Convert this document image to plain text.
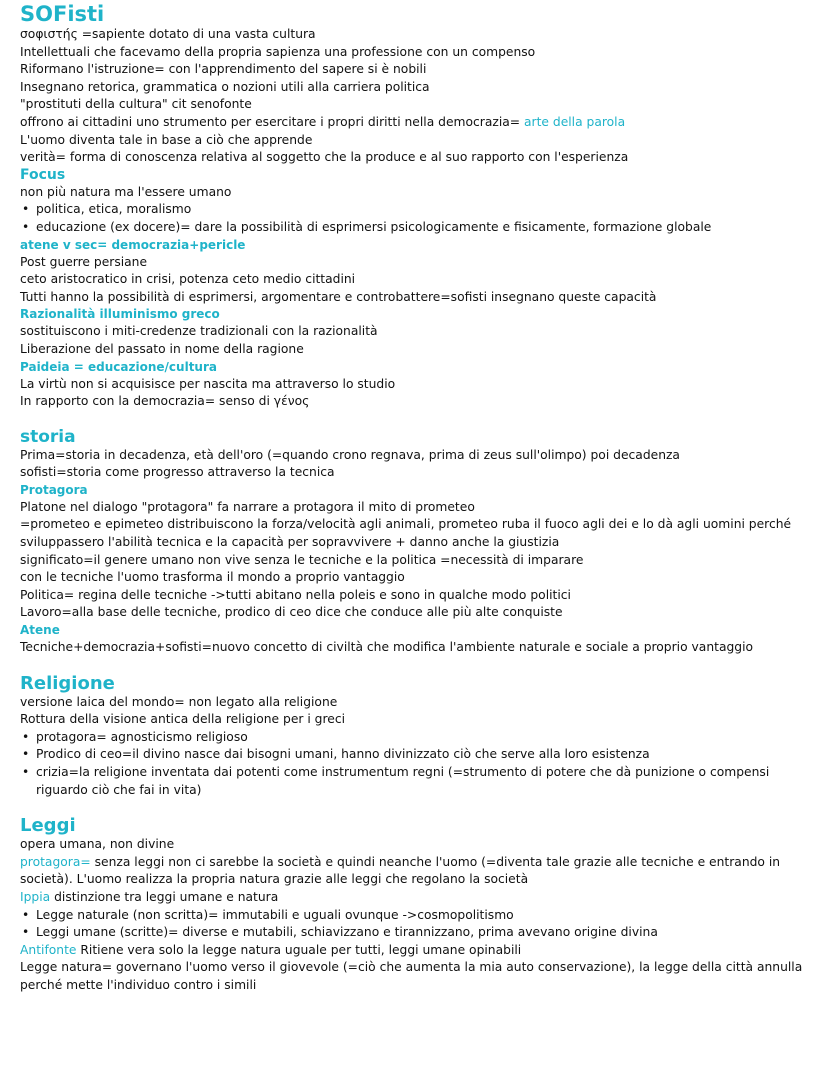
SOFisti
σοφιστής =sapiente dotato di una vasta cultura
Intellettuali che facevamo della propria sapienza una professione con un compenso
Riformano l'istruzione= con l'apprendimento del sapere si è nobili
Insegnano retorica, grammatica o nozioni utili alla carriera politica
"prostituti della cultura" cit senofonte
offrono ai cittadini uno strumento per esercitare i propri diritti nella democrazia= arte della parola
L'uomo diventa tale in base a ciò che apprende
verità= forma di conoscenza relativa al soggetto che la produce e al suo rapporto con l'esperienza
Focus
non più natura ma l'essere umano
• politica, etica, moralismo
• educazione (ex docere)= dare la possibilità di esprimersi psicologicamente e fisicamente, formazione globale
atene v sec= democrazia+pericle
Post guerre persiane
ceto aristocratico in crisi, potenza ceto medio cittadini
Tutti hanno la possibilità di esprimersi, argomentare e controbattere=sofisti insegnano queste capacità
Razionalità illuminismo greco
sostituiscono i miti-credenze tradizionali con la razionalità
Liberazione del passato in nome della ragione
Paideia = educazione/cultura
La virtù non si acquisisce per nascita ma attraverso lo studio
In rapporto con la democrazia= senso di γένος
storia
Prima=storia in decadenza, età dell'oro (=quando crono regnava, prima di zeus sull'olimpo) poi decadenza
sofisti=storia come progresso attraverso la tecnica
Protagora
Platone nel dialogo "protagora" fa narrare a protagora il mito di prometeo
=prometeo e epimeteo distribuiscono la forza/velocità agli animali, prometeo ruba il fuoco agli dei e lo dà agli uomini perché sviluppassero l'abilità tecnica e la capacità per sopravvivere + danno anche la giustizia
significato=il genere umano non vive senza le tecniche e la politica =necessità di imparare
con le tecniche l'uomo trasforma il mondo a proprio vantaggio
Politica= regina delle tecniche ->tutti abitano nella poleis e sono in qualche modo politici
Lavoro=alla base delle tecniche, prodico di ceo dice che conduce alle più alte conquiste
Atene
Tecniche+democrazia+sofisti=nuovo concetto di civiltà che modifica l'ambiente naturale e sociale a proprio vantaggio
Religione
versione laica del mondo= non legato alla religione
Rottura della visione antica della religione per i greci
• protagora= agnosticismo religioso
• Prodico di ceo=il divino nasce dai bisogni umani, hanno divinizzato ciò che serve alla loro esistenza
• crizia=la religione inventata dai potenti come instrumentum regni (=strumento di potere che dà punizione o compensi riguardo ciò che fai in vita)
Leggi
opera umana, non divine
protagora= senza leggi non ci sarebbe la società e quindi neanche l'uomo (=diventa tale grazie alle tecniche e entrando in società). L'uomo realizza la propria natura grazie alle leggi che regolano la società
Ippia distinzione tra leggi umane e natura
• Legge naturale (non scritta)= immutabili e uguali ovunque ->cosmopolitismo
• Leggi umane (scritte)= diverse e mutabili, schiavizzano e tirannizzano, prima avevano origine divina
Antifonte Ritiene vera solo la legge natura uguale per tutti, leggi umane opinabili
Legge natura= governano l'uomo verso il giovevole (=ciò che aumenta la mia auto conservazione), la legge della città annulla perché mette l'individuo contro i simili
